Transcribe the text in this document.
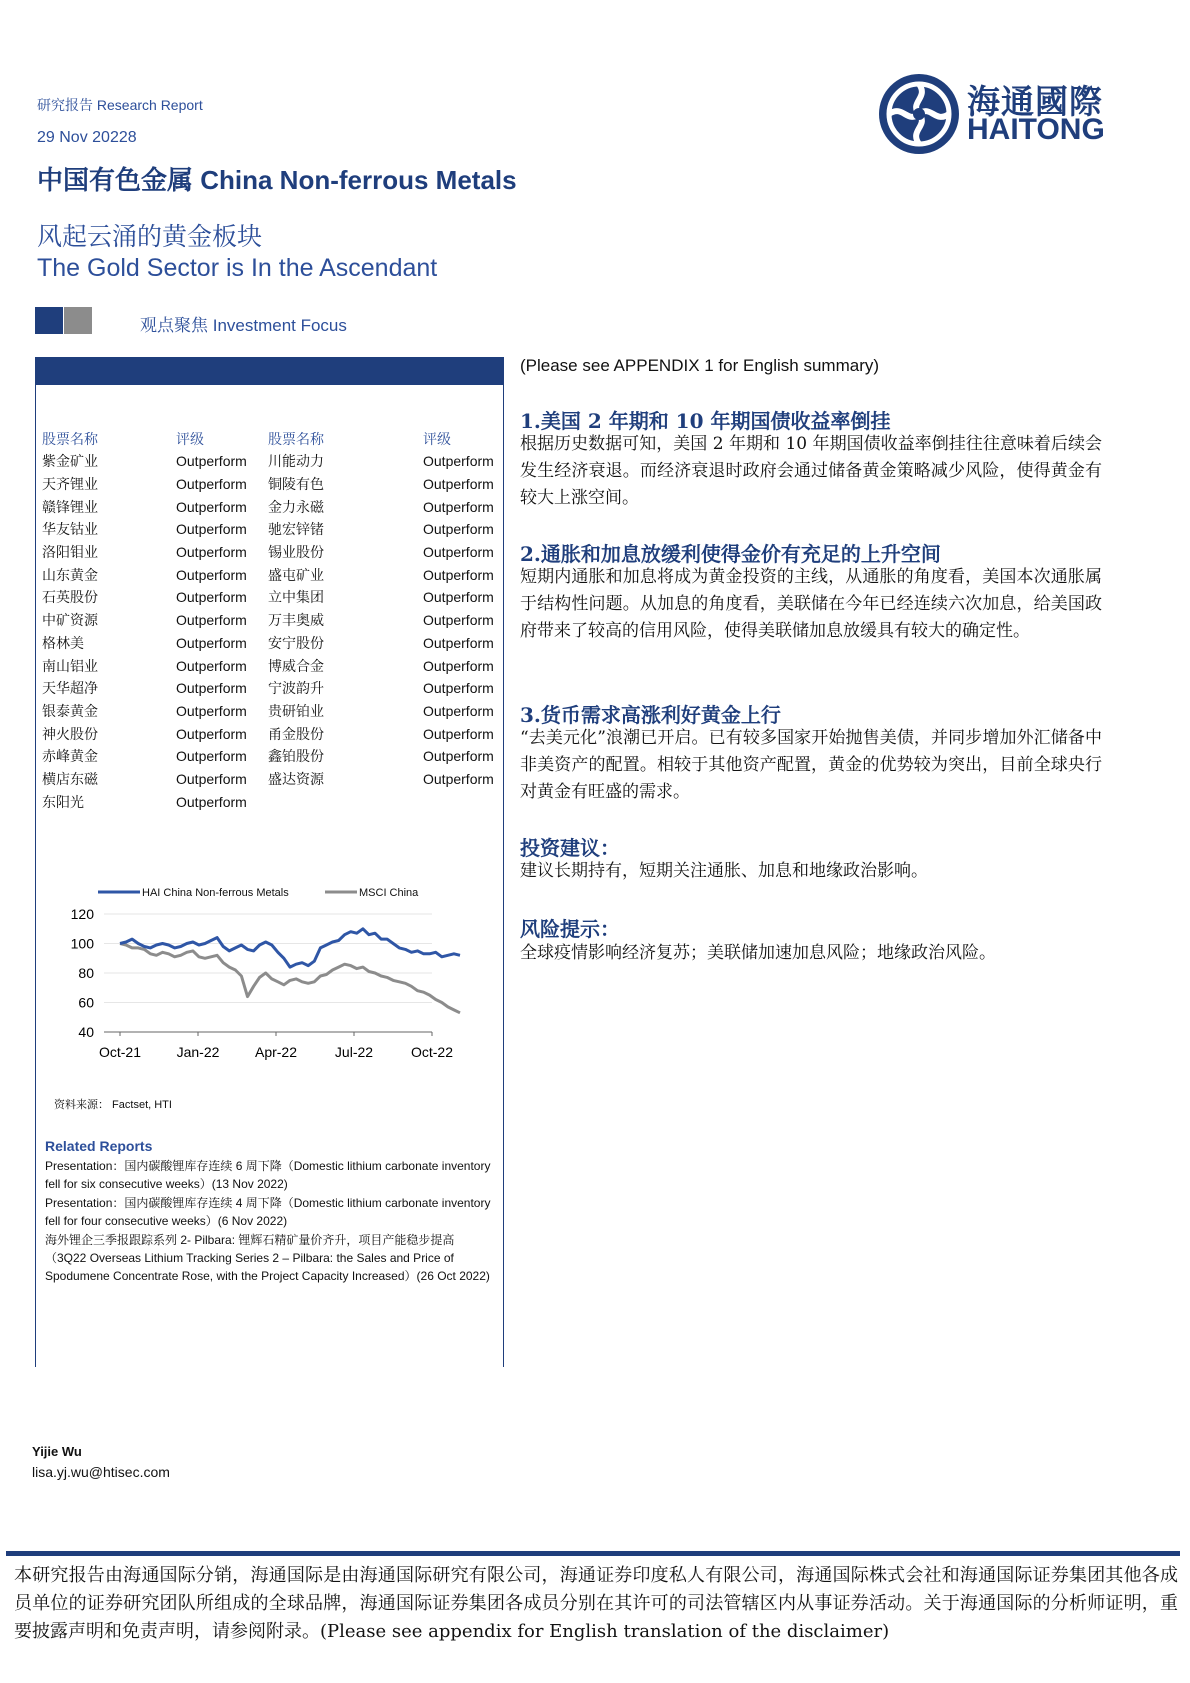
研究报告 Research Report
29 Nov 20228
中国有色金属 China Non-ferrous Metals
风起云涌的黄金板块
The Gold Sector is In the Ascendant
观点聚焦 Investment Focus
海通國際
HAITONG
股票名称	评级	股票名称	评级
紫金矿业	Outperform	川能动力	Outperform
天齐锂业	Outperform	铜陵有色	Outperform
赣锋锂业	Outperform	金力永磁	Outperform
华友钴业	Outperform	驰宏锌锗	Outperform
洛阳钼业	Outperform	锡业股份	Outperform
山东黄金	Outperform	盛屯矿业	Outperform
石英股份	Outperform	立中集团	Outperform
中矿资源	Outperform	万丰奥威	Outperform
格林美	Outperform	安宁股份	Outperform
南山铝业	Outperform	博威合金	Outperform
天华超净	Outperform	宁波韵升	Outperform
银泰黄金	Outperform	贵研铂业	Outperform
神火股份	Outperform	甬金股份	Outperform
赤峰黄金	Outperform	鑫铂股份	Outperform
横店东磁	Outperform	盛达资源	Outperform
东阳光	Outperform		
HAI China Non-ferrous Metals	MSCI China
120
100
80
60
40
Oct-21	Jan-22	Apr-22	Jul-22	Oct-22
资料来源： Factset, HTI
Related Reports
Presentation：国内碳酸锂库存连续 6 周下降（Domestic lithium carbonate inventory fell for six consecutive weeks）(13 Nov 2022)
Presentation：国内碳酸锂库存连续 4 周下降（Domestic lithium carbonate inventory fell for four consecutive weeks）(6 Nov 2022)
海外锂企三季报跟踪系列 2- Pilbara: 锂辉石精矿量价齐升，项目产能稳步提高（3Q22 Overseas Lithium Tracking Series 2 – Pilbara: the Sales and Price of Spodumene Concentrate Rose, with the Project Capacity Increased）(26 Oct 2022)
(Please see APPENDIX 1 for English summary)
1.美国 2 年期和 10 年期国债收益率倒挂
根据历史数据可知，美国 2 年期和 10 年期国债收益率倒挂往往意味着后续会发生经济衰退。而经济衰退时政府会通过储备黄金策略减少风险，使得黄金有较大上涨空间。
2.通胀和加息放缓利使得金价有充足的上升空间
短期内通胀和加息将成为黄金投资的主线，从通胀的角度看，美国本次通胀属于结构性问题。从加息的角度看，美联储在今年已经连续六次加息，给美国政府带来了较高的信用风险，使得美联储加息放缓具有较大的确定性。
3.货币需求高涨利好黄金上行
“去美元化”浪潮已开启。已有较多国家开始抛售美债，并同步增加外汇储备中非美资产的配置。相较于其他资产配置，黄金的优势较为突出，目前全球央行对黄金有旺盛的需求。
投资建议：
建议长期持有，短期关注通胀、加息和地缘政治影响。
风险提示：
全球疫情影响经济复苏；美联储加速加息风险；地缘政治风险。
Yijie Wu
lisa.yj.wu@htisec.com
本研究报告由海通国际分销，海通国际是由海通国际研究有限公司，海通证券印度私人有限公司，海通国际株式会社和海通国际证券集团其他各成员单位的证券研究团队所组成的全球品牌，海通国际证券集团各成员分别在其许可的司法管辖区内从事证券活动。关于海通国际的分析师证明，重要披露声明和免责声明，请参阅附录。(Please see appendix for English translation of the disclaimer)
